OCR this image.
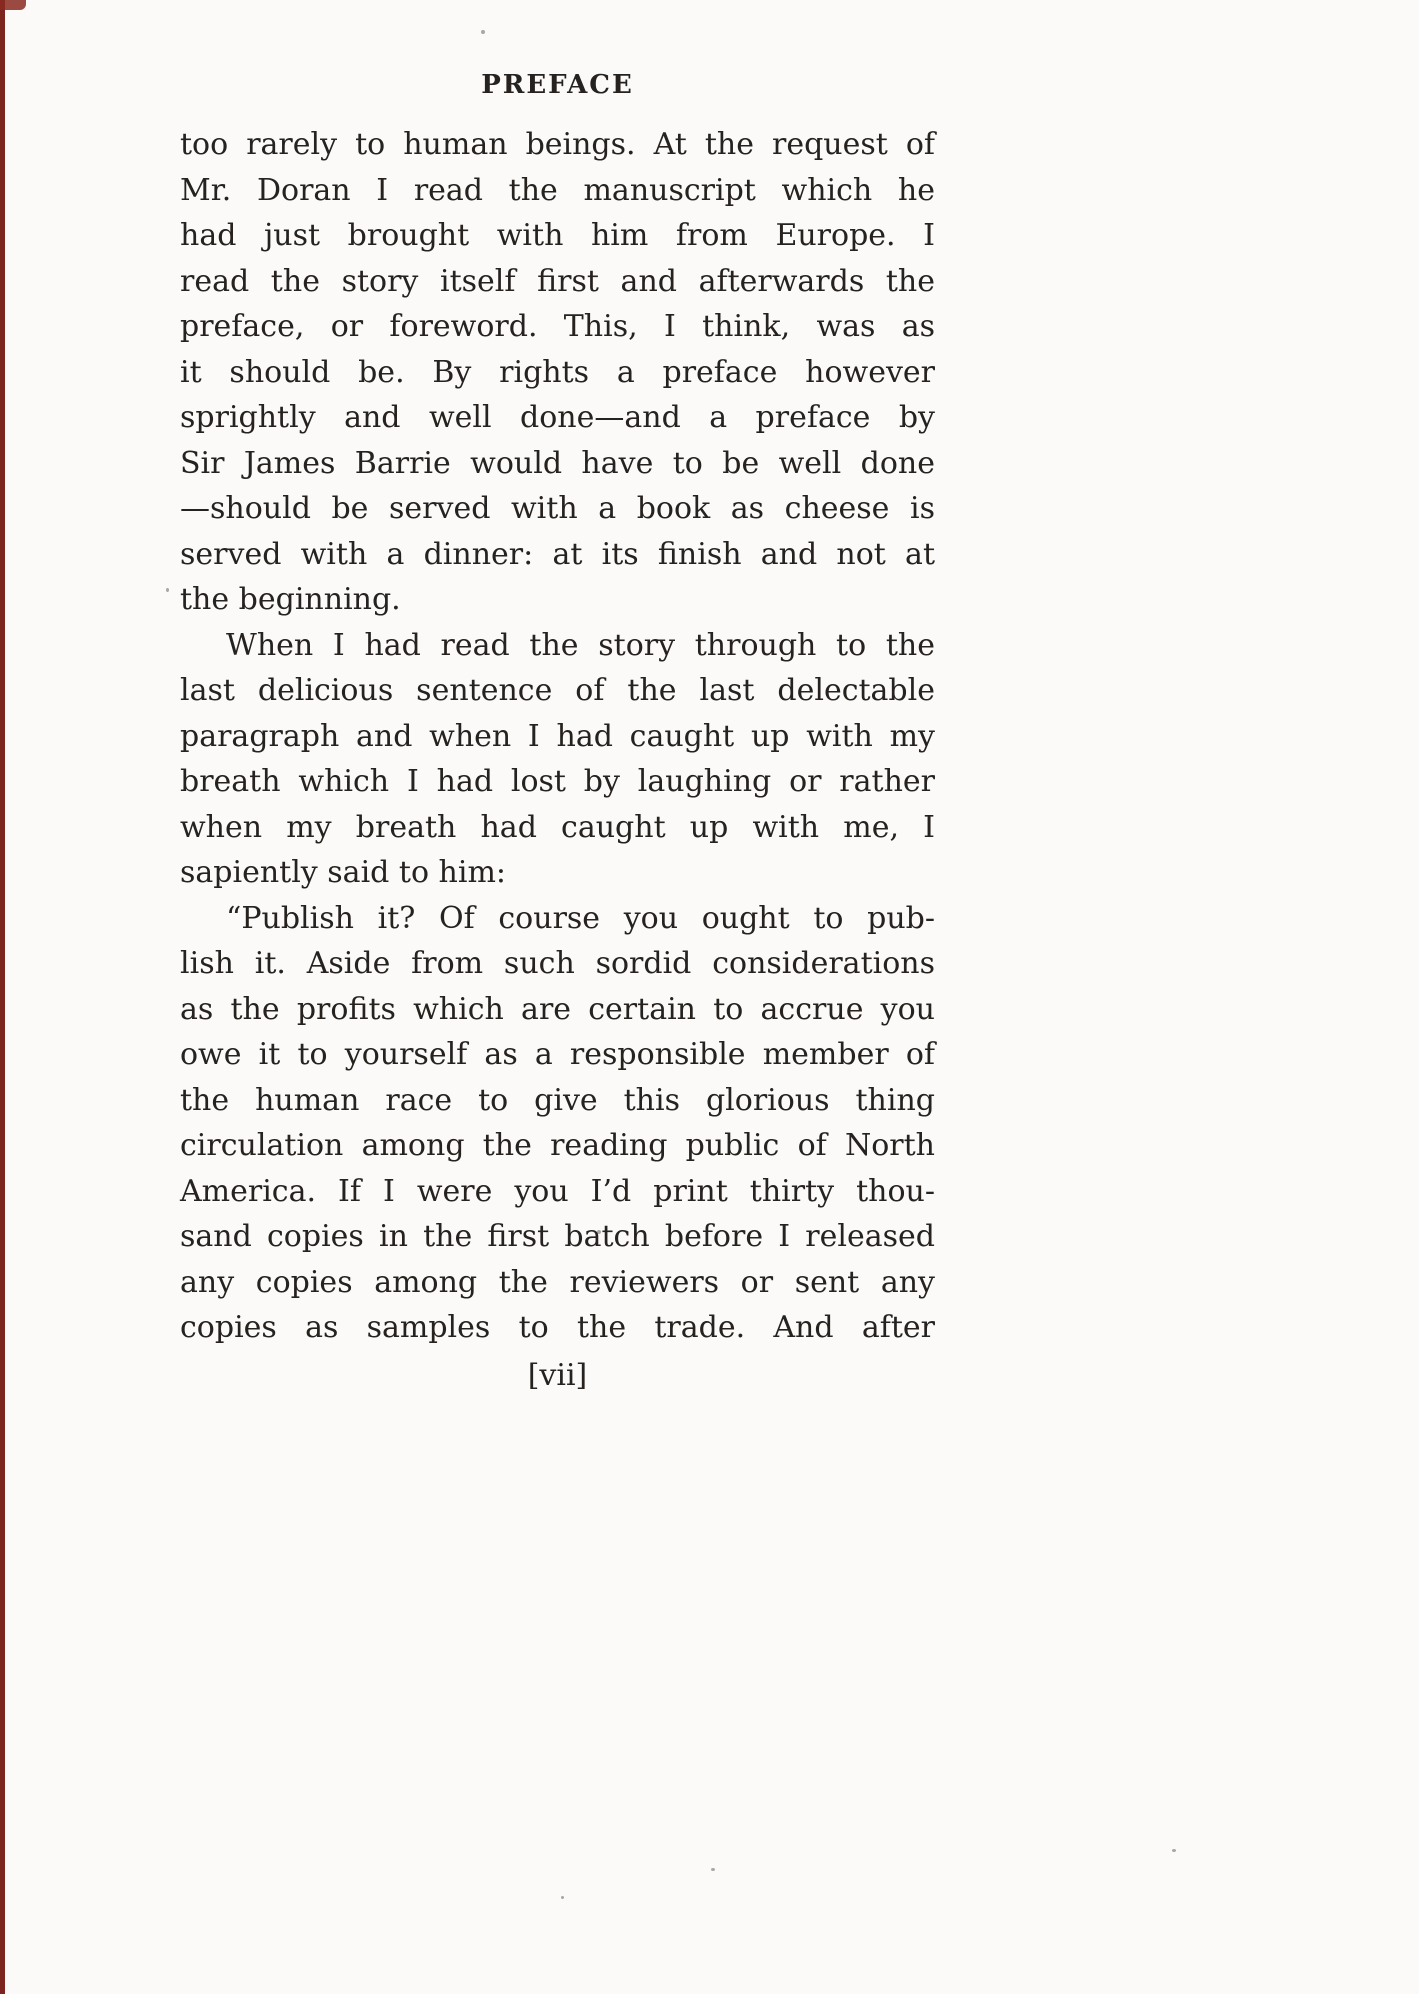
PREFACE
too rarely to human beings. At the request of
Mr. Doran I read the manuscript which he
had just brought with him from Europe. I
read the story itself first and afterwards the
preface, or foreword. This, I think, was as
it should be. By rights a preface however
sprightly and well done—and a preface by
Sir James Barrie would have to be well done
—should be served with a book as cheese is
served with a dinner: at its finish and not at
the beginning.
When I had read the story through to the
last delicious sentence of the last delectable
paragraph and when I had caught up with my
breath which I had lost by laughing or rather
when my breath had caught up with me, I
sapiently said to him:
“Publish it? Of course you ought to pub-
lish it. Aside from such sordid considerations
as the profits which are certain to accrue you
owe it to yourself as a responsible member of
the human race to give this glorious thing
circulation among the reading public of North
America. If I were you I’d print thirty thou-
sand copies in the first batch before I released
any copies among the reviewers or sent any
copies as samples to the trade. And after
[vii]
